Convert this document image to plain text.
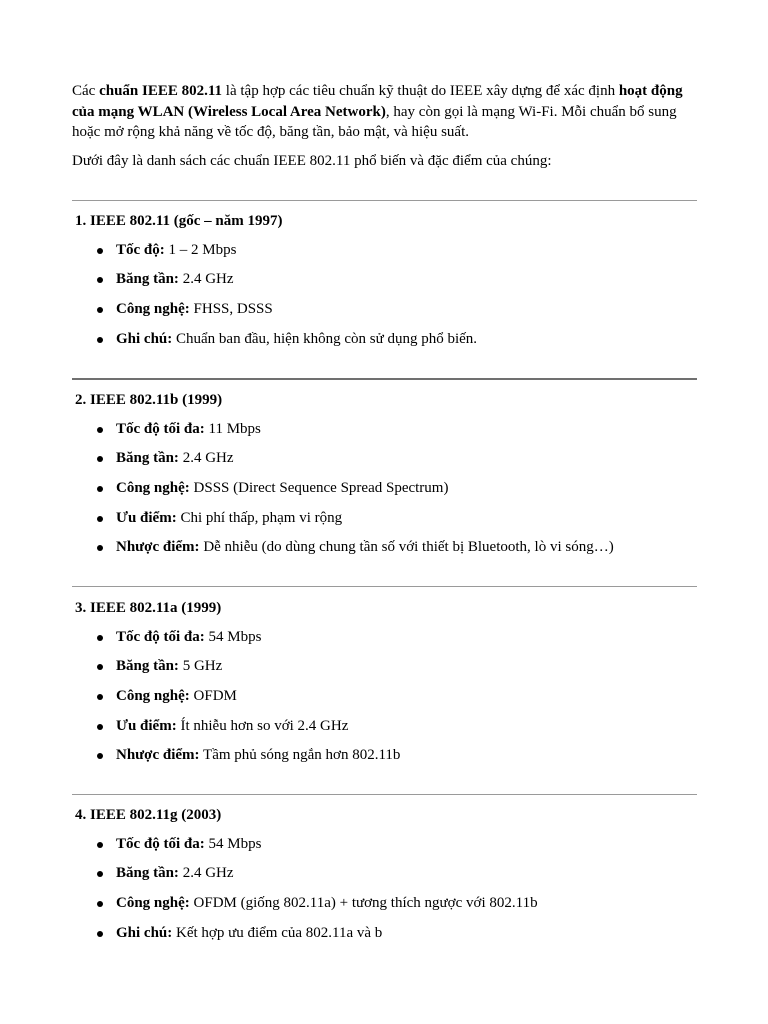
Các chuẩn IEEE 802.11 là tập hợp các tiêu chuẩn kỹ thuật do IEEE xây dựng để xác định hoạt động của mạng WLAN (Wireless Local Area Network), hay còn gọi là mạng Wi-Fi. Mỗi chuẩn bổ sung hoặc mở rộng khả năng về tốc độ, băng tần, bảo mật, và hiệu suất.

Dưới đây là danh sách các chuẩn IEEE 802.11 phổ biến và đặc điểm của chúng:

1. IEEE 802.11 (gốc – năm 1997)
Tốc độ: 1 – 2 Mbps
Băng tần: 2.4 GHz
Công nghệ: FHSS, DSSS
Ghi chú: Chuẩn ban đầu, hiện không còn sử dụng phổ biến.
2. IEEE 802.11b (1999)
Tốc độ tối đa: 11 Mbps
Băng tần: 2.4 GHz
Công nghệ: DSSS (Direct Sequence Spread Spectrum)
Ưu điểm: Chi phí thấp, phạm vi rộng
Nhược điểm: Dễ nhiễu (do dùng chung tần số với thiết bị Bluetooth, lò vi sóng…)
3. IEEE 802.11a (1999)
Tốc độ tối đa: 54 Mbps
Băng tần: 5 GHz
Công nghệ: OFDM
Ưu điểm: Ít nhiễu hơn so với 2.4 GHz
Nhược điểm: Tầm phủ sóng ngắn hơn 802.11b
4. IEEE 802.11g (2003)
Tốc độ tối đa: 54 Mbps
Băng tần: 2.4 GHz
Công nghệ: OFDM (giống 802.11a) + tương thích ngược với 802.11b
Ghi chú: Kết hợp ưu điểm của 802.11a và b
